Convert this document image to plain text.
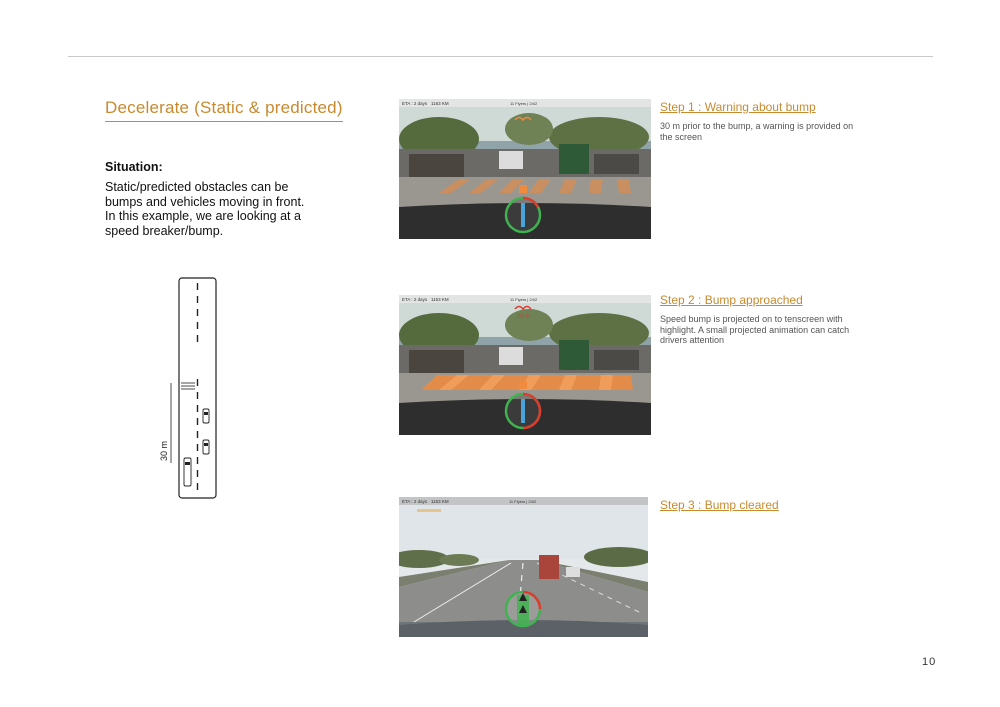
Decelerate (Static & predicted)
Situation:
Static/predicted obstacles can be bumps and vehicles moving in front. In this example, we are looking at a speed breaker/bump.
30 m
ETA : 2 days 1163 KM	11 Flyers | 24/2	Step 1 : Warning about bump
30 m prior to the bump, a warning is provided on the screen
30 m
ETA : 2 days 1163 KM	11 Flyers | 24/2	Step 2 : Bump approached
Speed bump is projected on to tenscreen with highlight. A small projected animation can catch drivers attention
ETA : 2 days 1163 KM	11 Flyers | 24/2	Step 3 : Bump cleared
10
